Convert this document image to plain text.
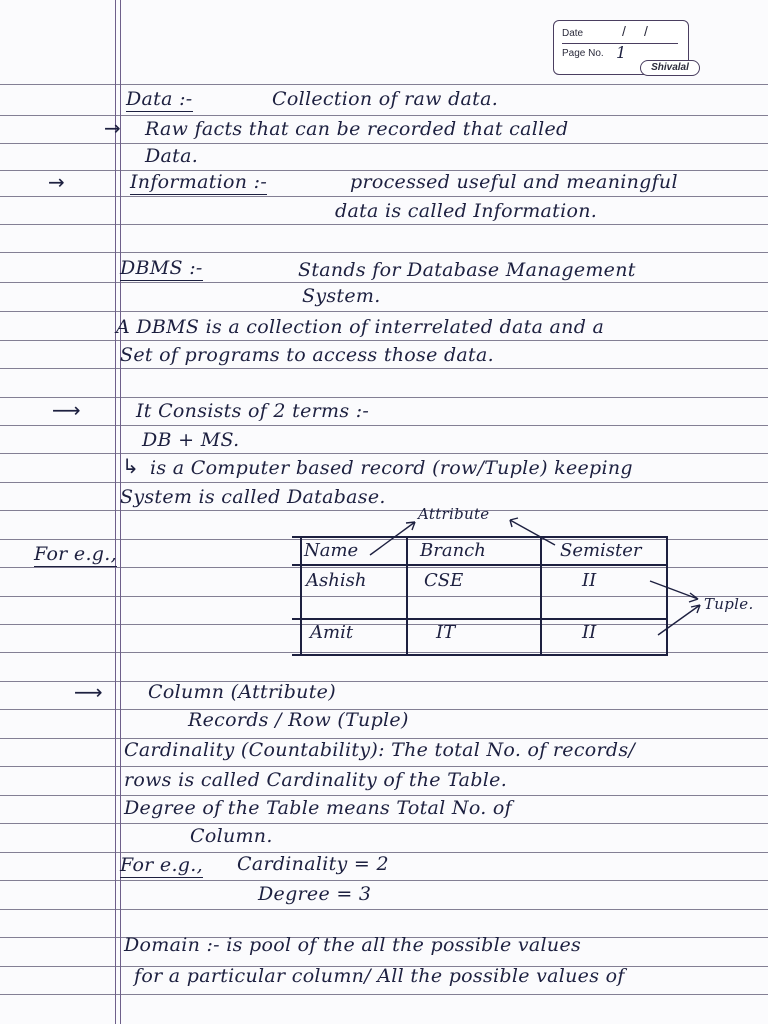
Date	/ /
Page No. 1
Shivalal
Data :-	Collection of raw data.
→ Raw facts that can be recorded that called
Data.
→	Information :-	processed useful and meaningful
data is called Information.
DBMS :-	Stands for Database Management
System.
A DBMS is a collection of interrelated data and a
Set of programs to access those data.
⟶	It Consists of 2 terms :-
DB + MS.
↳ is a Computer based record (row/Tuple) keeping
System is called Database.
Attribute
For e.g.,	Name	Branch	Semister
Ashish	CSE	II
Amit	IT	II
Tuple.
⟶ Column (Attribute)
Records / Row (Tuple)
Cardinality (Countability): The total No. of records/
rows is called Cardinality of the Table.
Degree of the Table means Total No. of
Column.
For e.g., Cardinality = 2
Degree = 3
Domain :- is pool of the all the possible values
for a particular column/ All the possible values of
